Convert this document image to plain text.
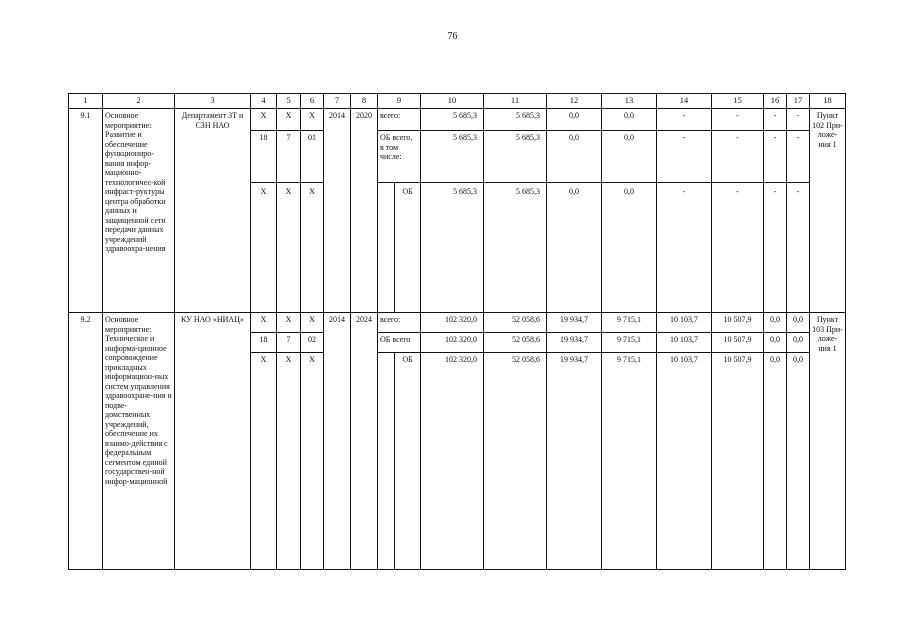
76
1	2	3	4	5	6	7	8	9		10	11	12	13	14	15	16	17	18
9.1	Основное мероприятие: Развитие и обеспечение функциониро-вания инфор-мационно-технологичес-кой инфраст-руктуры центра обработки данных и защищенной сети передачи данных учреждений здравоохра-нения	Департамент ЗТ и СЗН НАО	Х	Х	Х	2014	2020	всего:		5 685,3	5 685,3	0,0	0,0	-	-	-	-	Пункт 102 При-ложе-ния 1
			18	7	01			ОБ всего, в том числе:		5 685,3	5 685,3	0,0	0,0	-	-	-	-	
			Х	Х	Х				ОБ	5 685,3	5 685,3	0,0	0,0	-	-	-	-	
9.2	Основное мероприятие: Техническое и информа-ционное сопровождение прикладных информацион-ных систем управления здравоохране-ния и подве-домственных учреждений, обеспечение их взаимо-действия с федеральным сегментом единой государствен-ной инфор-мационной	КУ НАО «НИАЦ»	Х	Х	Х	2014	2024	всего:		102 320,0	52 058,6	19 934,7	9 715,1	10 103,7	10 507,9	0,0	0,0	Пункт 103 При-ложе-ния 1
			18	7	02			ОБ всего		102 320,0	52 058,6	19 934,7	9 715,1	10 103,7	10 507,9	0,0	0,0	
			Х	Х	Х				ОБ	102 320,0	52 058,6	19 934,7	9 715,1	10 103,7	10 507,9	0,0	0,0	
